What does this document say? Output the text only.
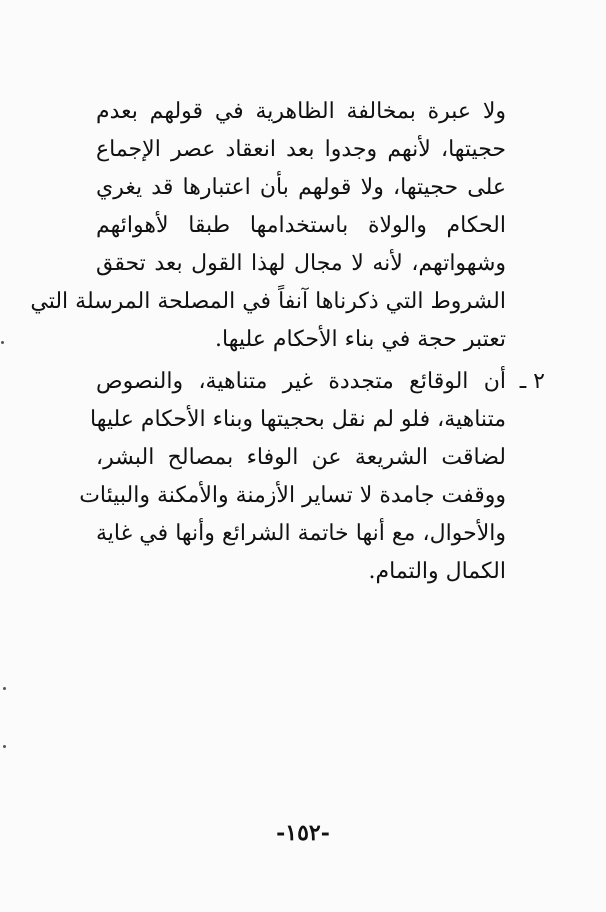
ولا عبرة بمخالفة الظاهرية في قولهم بعدم
حجيتها، لأنهم وجدوا بعد انعقاد عصر الإجماع
على حجيتها، ولا قولهم بأن اعتبارها قد يغري
الحكام والولاة باستخدامها طبقا لأهوائهم
وشهواتهم، لأنه لا مجال لهذا القول بعد تحقق
الشروط التي ذكرناها آنفاً في المصلحة المرسلة التي
تعتبر حجة في بناء الأحكام عليها.
٢ ـ
أن الوقائع متجددة غير متناهية، والنصوص
متناهية، فلو لم نقل بحجيتها وبناء الأحكام عليها
لضاقت الشريعة عن الوفاء بمصالح البشر،
ووقفت جامدة لا تساير الأزمنة والأمكنة والبيئات
والأحوال، مع أنها خاتمة الشرائع وأنها في غاية
الكمال والتمام.
-١٥٢-
